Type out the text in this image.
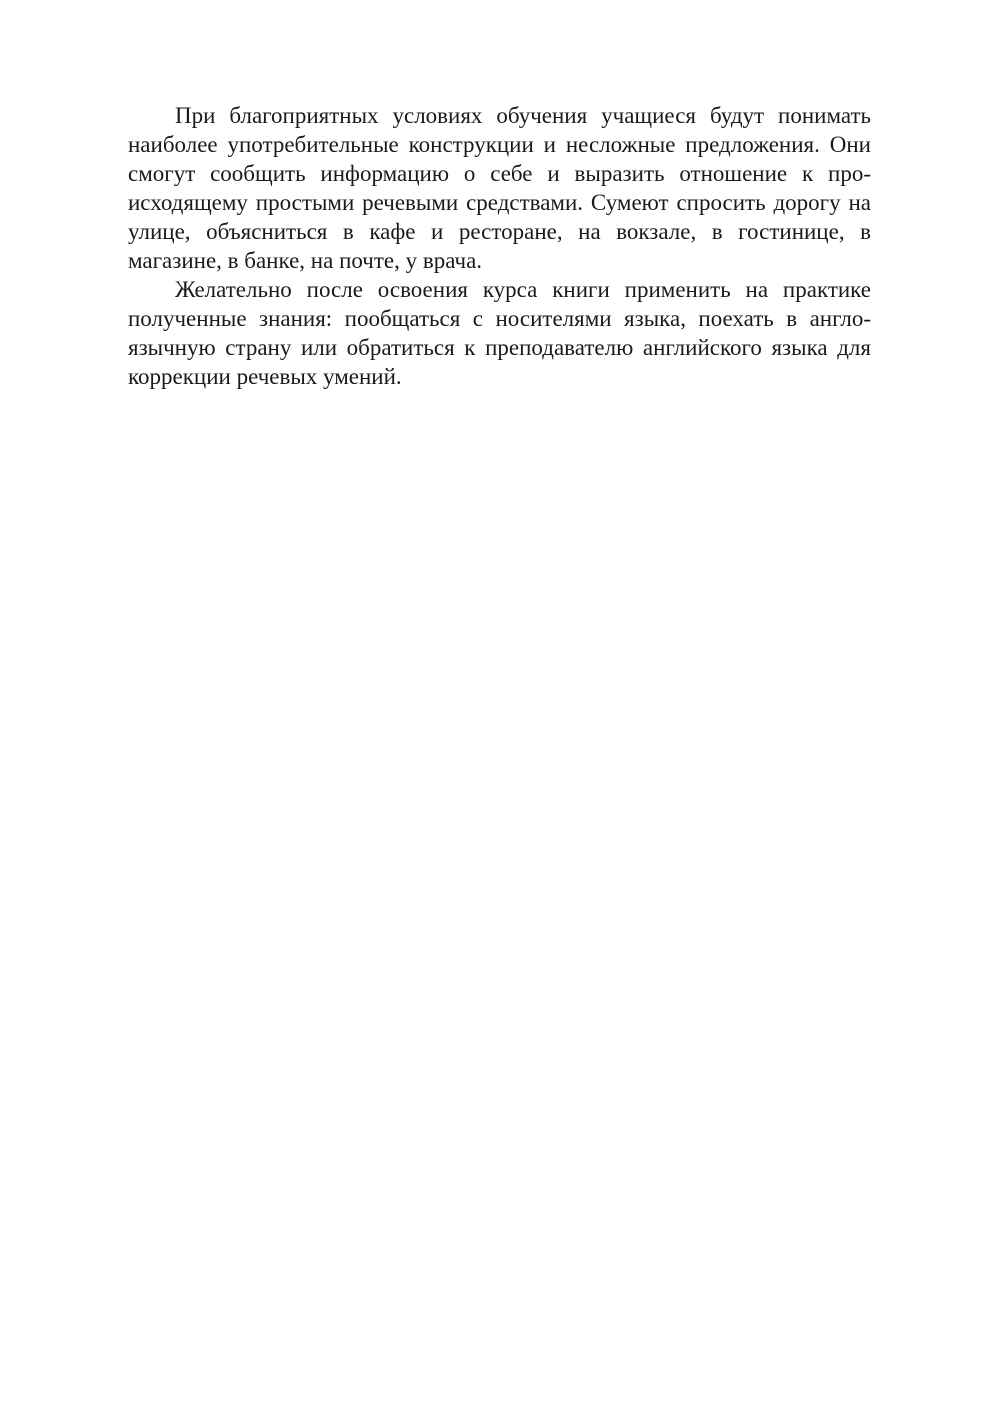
При благоприятных условиях обучения учащиеся будут понимать наиболее употребительные конструкции и несложные предложения. Они смогут сообщить информацию о себе и выразить отношение к происходящему простыми речевыми средствами. Сумеют спросить дорогу на улице, объясниться в кафе и ресторане, на вокзале, в гостинице, в магазине, в банке, на почте, у врача.

Желательно после освоения курса книги применить на практике полученные знания: пообщаться с носителями языка, поехать в англоязычную страну или обратиться к преподавателю английского языка для коррекции речевых умений.
